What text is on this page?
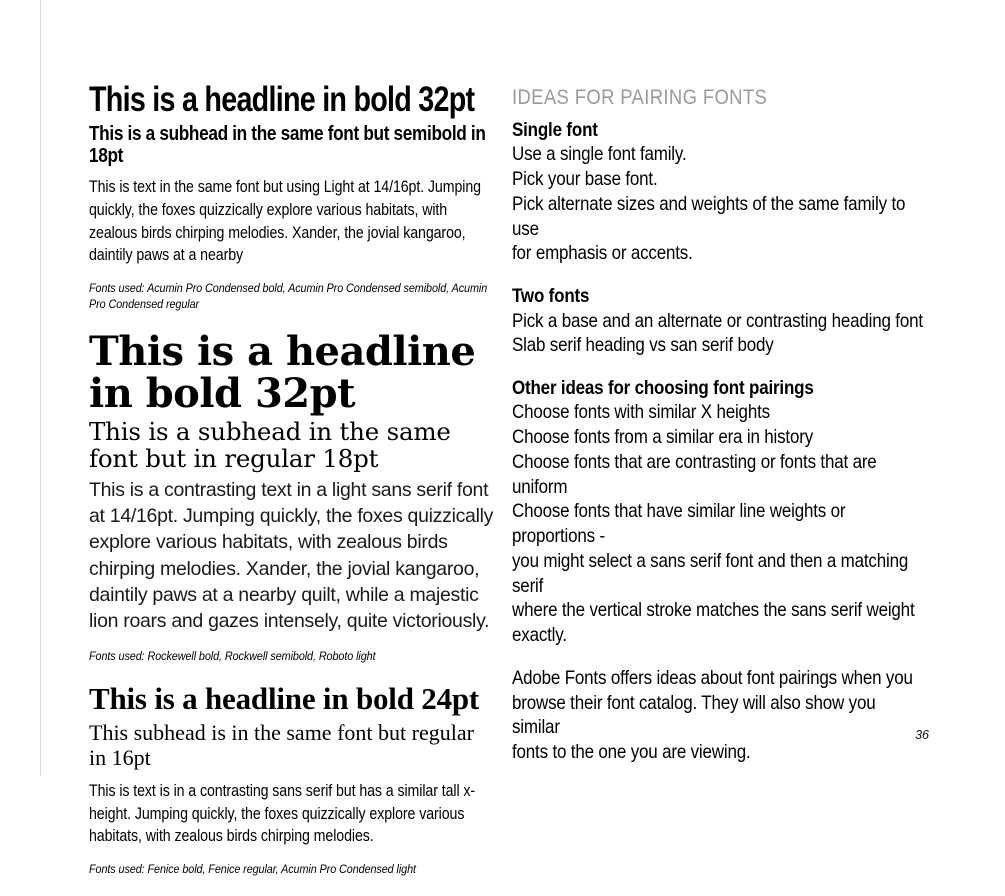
This is a headline in bold 32pt
This is a subhead in the same font but semibold in 18pt
This is text in the same font but using Light at 14/16pt. Jumping quickly, the foxes quizzically explore various habitats, with zealous birds chirping melodies. Xander, the jovial kangaroo, daintily paws at a nearby
Fonts used: Acumin Pro Condensed bold, Acumin Pro Condensed semibold, Acumin Pro Condensed regular
This is a headline in bold 32pt
This is a subhead in the same font but in regular 18pt
This is a contrasting text in a light sans serif font at 14/16pt. Jumping quickly, the foxes quizzically explore various habitats, with zealous birds chirping melodies. Xander, the jovial kangaroo, daintily paws at a nearby quilt, while a majestic lion roars and gazes intensely, quite victoriously.
Fonts used: Rockewell bold, Rockwell semibold, Roboto light
This is a headline in bold 24pt
This subhead is in the same font but regular in 16pt
This is text is in a contrasting sans serif but has a similar tall x-height. Jumping quickly, the foxes quizzically explore various habitats, with zealous birds chirping melodies.
Fonts used: Fenice bold, Fenice regular, Acumin Pro Condensed light
IDEAS FOR PAIRING FONTS
Single font
Use a single font family.
Pick your base font.
Pick alternate sizes and weights of the same family to use
for emphasis or accents.
Two fonts
Pick a base and an alternate or contrasting heading font
Slab serif heading vs san serif body
Other ideas for choosing font pairings
Choose fonts with similar X heights
Choose fonts from a similar era in history
Choose fonts that are contrasting or fonts that are uniform
Choose fonts that have similar line weights or proportions -
you might select a sans serif font and then a matching serif
where the vertical stroke matches the sans serif weight
exactly.
Adobe Fonts offers ideas about font pairings when you
browse their font catalog. They will also show you similar
fonts to the one you are viewing.
36
